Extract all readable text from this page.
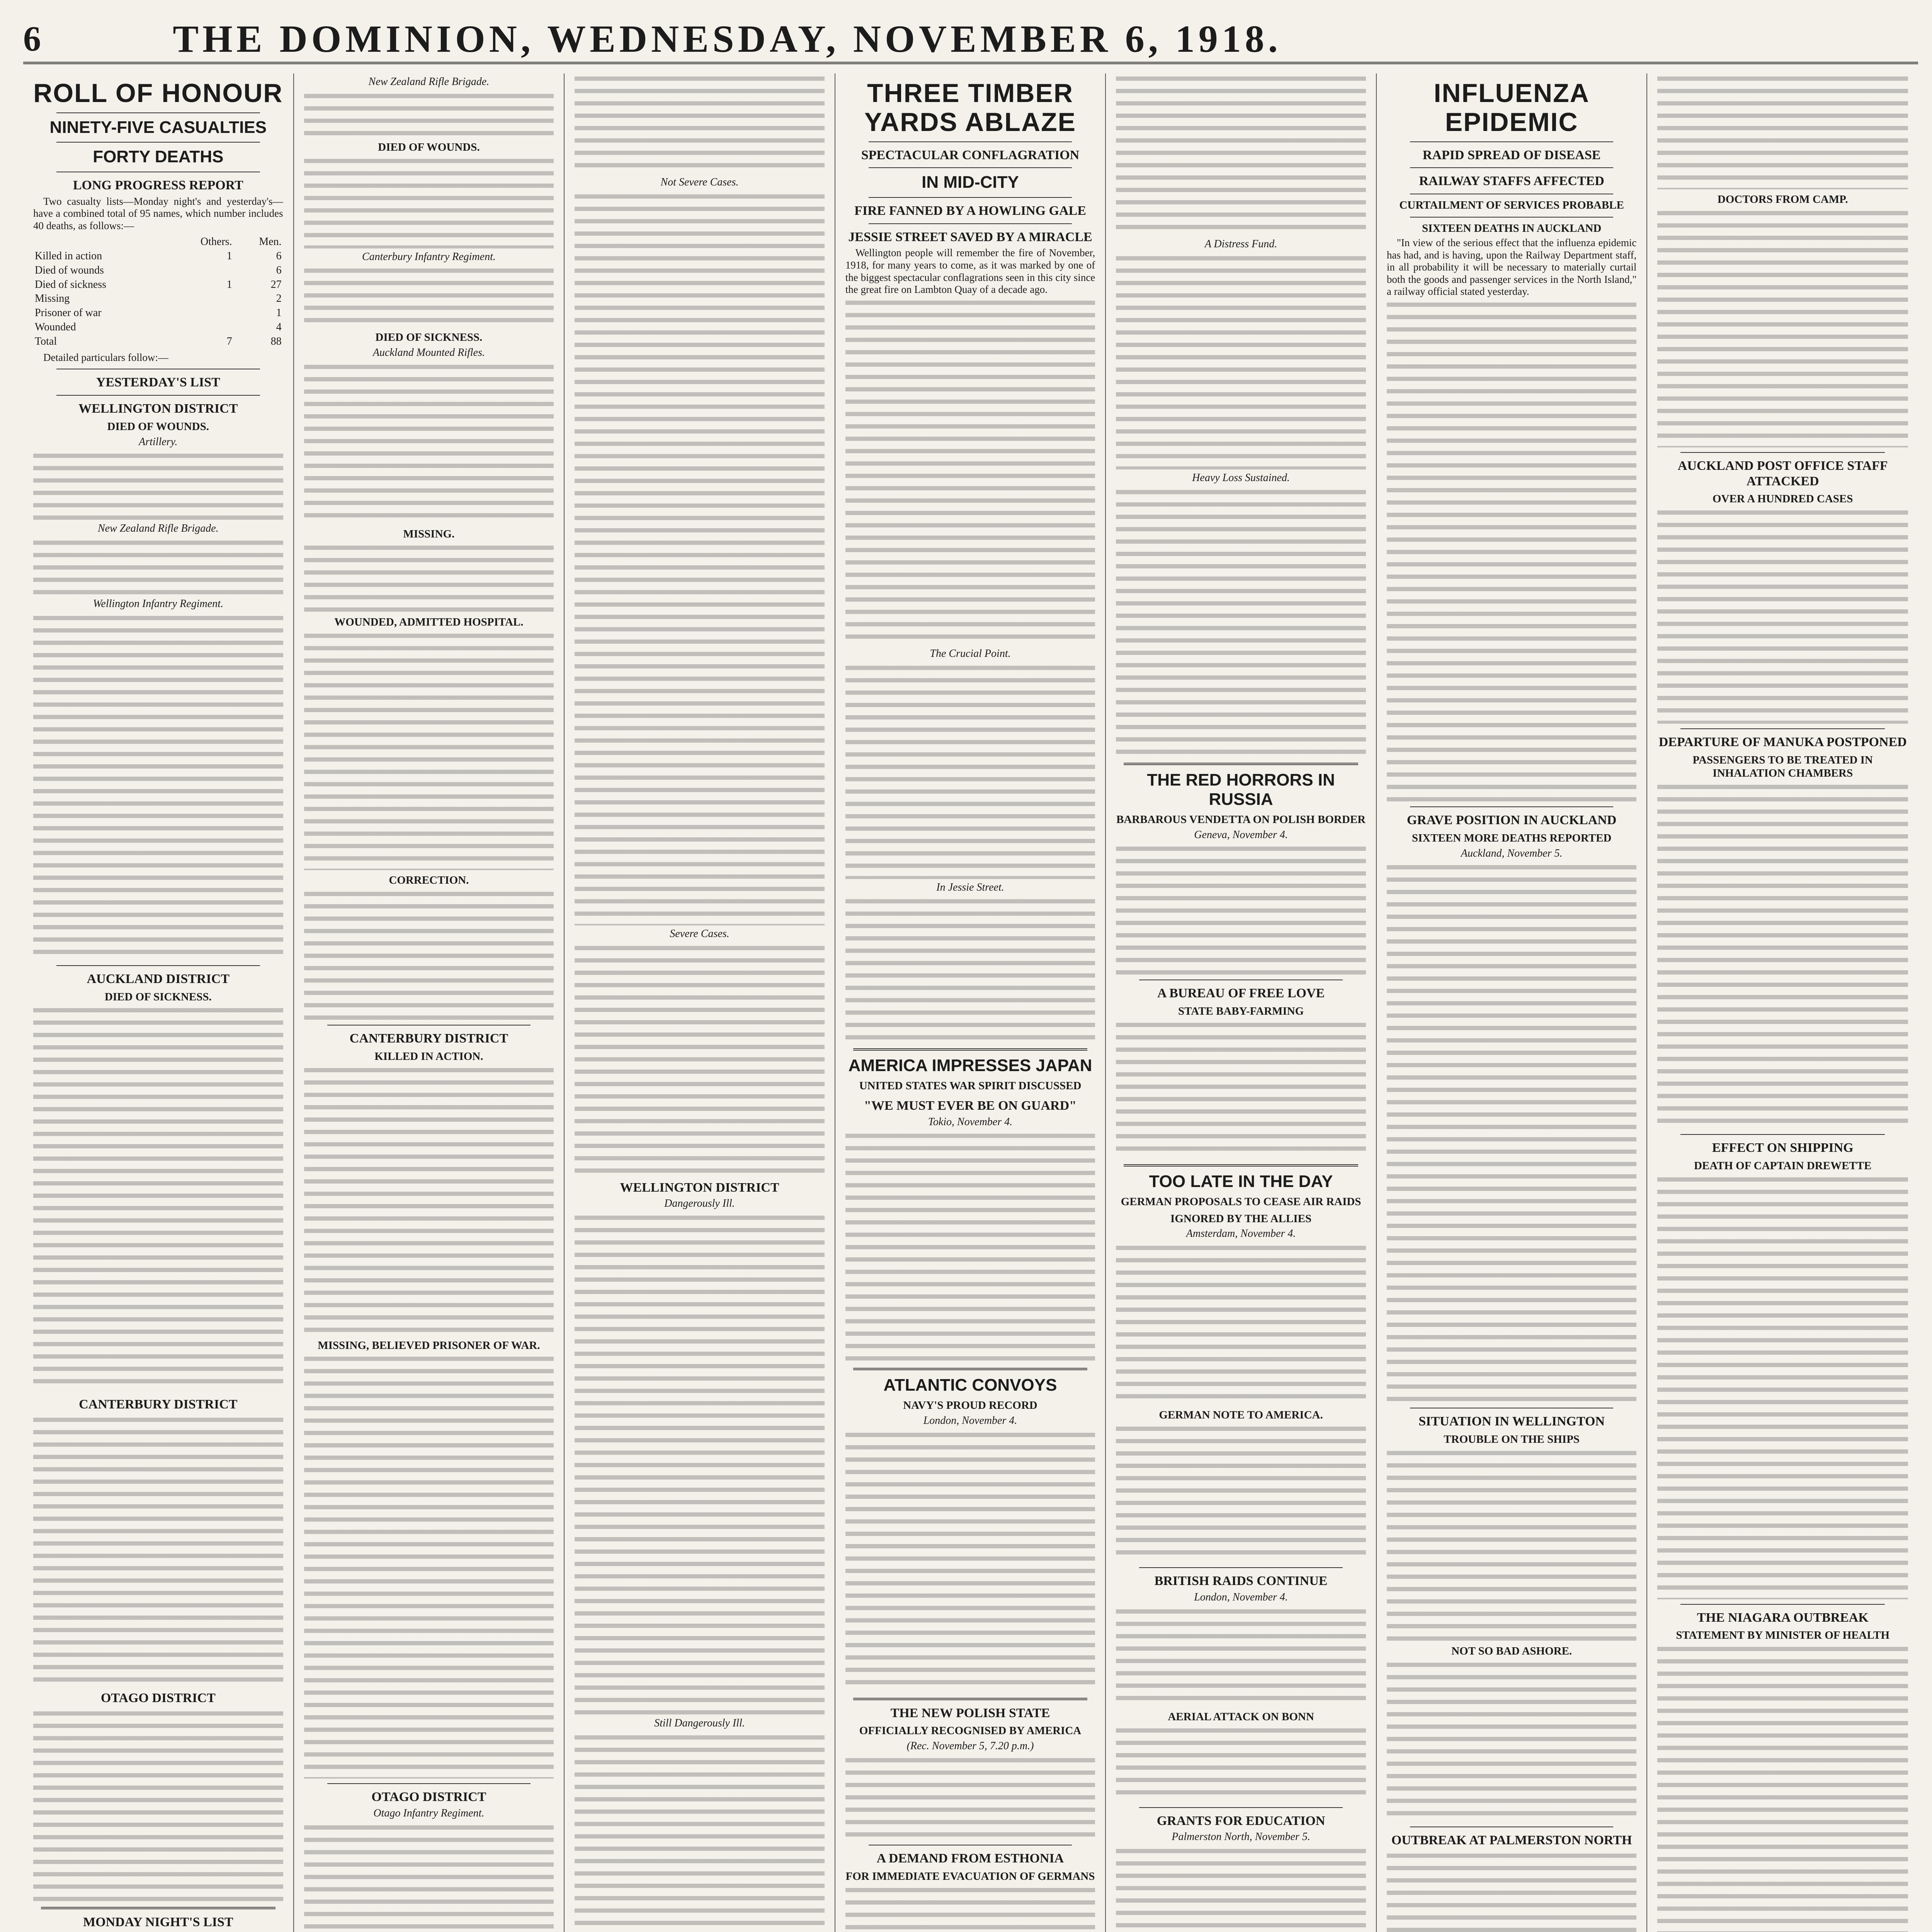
6	THE DOMINION, WEDNESDAY, NOVEMBER 6, 1918.
ROLL OF HONOUR
NINETY-FIVE CASUALTIES
FORTY DEATHS
LONG PROGRESS REPORT

Two casualty lists—Monday night's and yesterday's—have a combined total of 95 names, which number includes 40 deaths, as follows:—

	Others.	Men.
Killed in action	1	6
Died of wounds		6
Died of sickness	1	27
Missing		2
Prisoner of war		1
Wounded		4
Total	7	88

Detailed particulars follow:—

YESTERDAY'S LIST
WELLINGTON DISTRICT
DIED OF WOUNDS.
Artillery.
New Zealand Rifle Brigade.
Wellington Infantry Regiment.
AUCKLAND DISTRICT
DIED OF SICKNESS.
CANTERBURY DISTRICT
OTAGO DISTRICT
MONDAY NIGHT'S LIST
New Zealand Rifle Brigade.
DIED OF WOUNDS.
Canterbury Infantry Regiment.
DIED OF SICKNESS.
Auckland Mounted Rifles.
MISSING.
WOUNDED, ADMITTED HOSPITAL.
CORRECTION.
CANTERBURY DISTRICT
KILLED IN ACTION.
MISSING, BELIEVED PRISONER OF WAR.
OTAGO DISTRICT
Otago Infantry Regiment.
Not Severe Cases.
Severe Cases.
WELLINGTON DISTRICT
Dangerously Ill.
Still Dangerously Ill.
THREE TIMBER YARDS ABLAZE
SPECTACULAR CONFLAGRATION
IN MID-CITY
FIRE FANNED BY A HOWLING GALE
JESSIE STREET SAVED BY A MIRACLE

Wellington people will remember the fire of November, 1918, for many years to come, as it was marked by one of the biggest spectacular conflagrations seen in this city since the great fire on Lambton Quay of a decade ago.

The Crucial Point.
In Jessie Street.
AMERICA IMPRESSES JAPAN
UNITED STATES WAR SPIRIT DISCUSSED
"WE MUST EVER BE ON GUARD"
Tokio, November 4.
ATLANTIC CONVOYS
NAVY'S PROUD RECORD
London, November 4.
THE NEW POLISH STATE
OFFICIALLY RECOGNISED BY AMERICA
(Rec. November 5, 7.20 p.m.)
A DEMAND FROM ESTHONIA
FOR IMMEDIATE EVACUATION OF GERMANS
A Distress Fund.
Heavy Loss Sustained.
THE RED HORRORS IN RUSSIA
BARBAROUS VENDETTA ON POLISH BORDER
Geneva, November 4.
A BUREAU OF FREE LOVE
STATE BABY-FARMING
TOO LATE IN THE DAY
GERMAN PROPOSALS TO CEASE AIR RAIDS
IGNORED BY THE ALLIES
Amsterdam, November 4.
GERMAN NOTE TO AMERICA.
BRITISH RAIDS CONTINUE
London, November 4.
AERIAL ATTACK ON BONN
GRANTS FOR EDUCATION
Palmerston North, November 5.
INFLUENZA EPIDEMIC
RAPID SPREAD OF DISEASE
RAILWAY STAFFS AFFECTED
CURTAILMENT OF SERVICES PROBABLE
SIXTEEN DEATHS IN AUCKLAND

"In view of the serious effect that the influenza epidemic has had, and is having, upon the Railway Department staff, in all probability it will be necessary to materially curtail both the goods and passenger services in the North Island," a railway official stated yesterday.

GRAVE POSITION IN AUCKLAND
SIXTEEN MORE DEATHS REPORTED
Auckland, November 5.
SITUATION IN WELLINGTON
TROUBLE ON THE SHIPS
NOT SO BAD ASHORE.
OUTBREAK AT PALMERSTON NORTH
DOCTORS FROM CAMP.
AUCKLAND POST OFFICE STAFF ATTACKED
OVER A HUNDRED CASES
DEPARTURE OF MANUKA POSTPONED
PASSENGERS TO BE TREATED IN INHALATION CHAMBERS
EFFECT ON SHIPPING
DEATH OF CAPTAIN DREWETTE
THE NIAGARA OUTBREAK
STATEMENT BY MINISTER OF HEALTH
